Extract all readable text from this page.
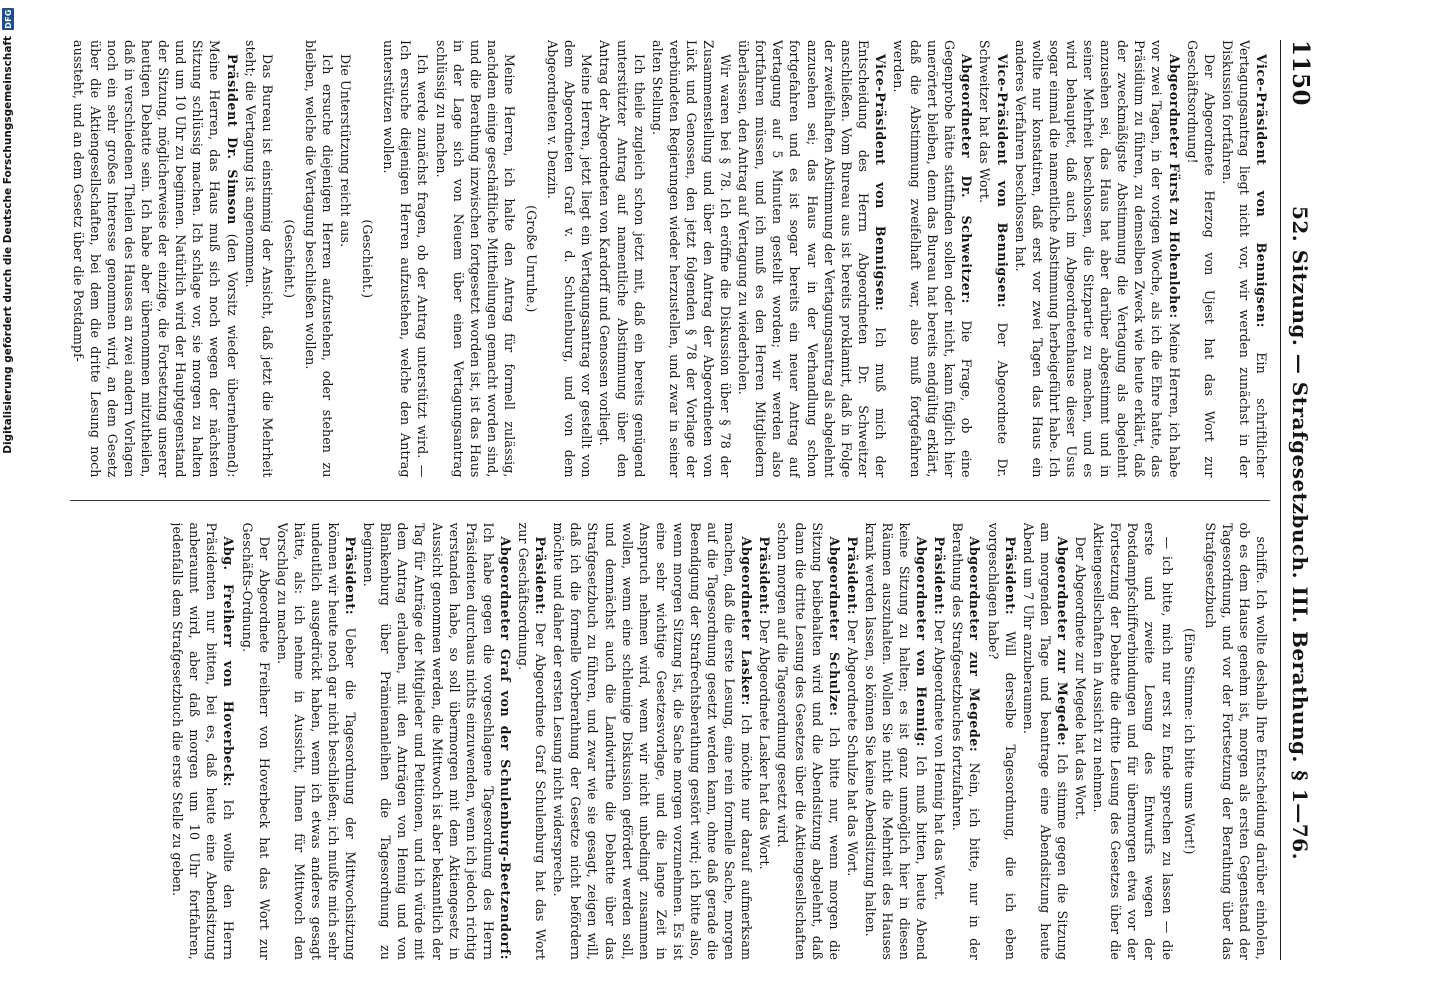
1150
52. Sitzung. — Strafgesetzbuch. III. Berathung. § 1—76.

Vice-Präsident von Bennigsen: Ein schriftlicher Vertagungsantrag liegt nicht vor, wir werden zunächst in der Diskussion fortfahren.

Der Abgeordnete Herzog von Ujest hat das Wort zur Geschäftsordnung!

Abgeordneter Fürst zu Hohenlohe: Meine Herren, ich habe vor zwei Tagen, in der vorigen Woche, als ich die Ehre hatte, das Präsidium zu führen, zu demselben Zweck wie heute erklärt, daß der zweckmäßigste Abstimmung die Vertagung als abgelehnt anzusehen sei, das Haus hat aber darüber abgestimmt und in seiner Mehrheit beschlossen, die Sitzpartie zu machen, und es wird behauptet, daß auch im Abgeordnetenhause dieser Usus sogar einmal die namentliche Abstimmung herbeigeführt habe. Ich wollte nur konstatiren, daß erst vor zwei Tagen das Haus ein anderes Verfahren beschlossen hat.

Vice-Präsident von Bennigsen: Der Abgeordnete Dr. Schweitzer hat das Wort.

Abgeordneter Dr. Schweitzer: Die Frage, ob eine Gegenprobe hätte stattfinden sollen oder nicht, kann füglich hier unerörtert bleiben, denn das Bureau hat bereits endgültig erklärt, daß die Abstimmung zweifelhaft war, also muß fortgefahren werden.

Vice-Präsident von Bennigsen: Ich muß mich der Entscheidung des Herrn Abgeordneten Dr. Schweitzer anschließen. Vom Bureau aus ist bereits proklamirt, daß in Folge der zweifelhaften Abstimmung der Vertagungsantrag als abgelehnt anzusehen sei; das Haus war in der Verhandlung schon fortgefahren und es ist sogar bereits ein neuer Antrag auf Vertagung auf 5 Minuten gestellt worden; wir werden also fortfahren müssen, und ich muß es den Herren Mitgliedern überlassen, den Antrag auf Vertagung zu wiederholen.

Wir waren bei § 78. Ich eröffne die Diskussion über § 78 der Zusammenstellung und über den Antrag der Abgeordneten von Lück und Genossen, den jetzt folgenden § 78 der Vorlage der verbündeten Regierungen wieder herzustellen, und zwar in seiner alten Stellung.

Ich theile zugleich schon jetzt mit, daß ein bereits genügend unterstützter Antrag auf namentliche Abstimmung über den Antrag der Abgeordneten von Kardorff und Genossen vorliegt.

Meine Herren, jetzt liegt ein Vertagungsantrag vor gestellt von dem Abgeordneten Graf v. d. Schulenburg, und von dem Abgeordneten v. Denzin.

(Große Unruhe.)

Meine Herren, ich halte den Antrag für formell zulässig, nachdem einige geschäftliche Mittheilungen gemacht worden sind, und die Berathung inzwischen fortgesetzt worden ist, ist das Haus in der Lage sich von Neuem über einen Vertagungsantrag schlüssig zu machen.

Ich werde zunächst fragen, ob der Antrag unterstützt wird. — Ich ersuche diejenigen Herren aufzustehen, welche den Antrag unterstützen wollen.

(Geschieht.)

Die Unterstützung reicht aus.

Ich ersuche diejenigen Herren aufzustehen, oder stehen zu bleiben, welche die Vertagung beschließen wollen.

(Geschieht.)

Das Bureau ist einstimmig der Ansicht, daß jetzt die Mehrheit steht; die Vertagung ist angenommen.

Präsident Dr. Simson (den Vorsitz wieder übernehmend): Meine Herren, das Haus muß sich noch wegen der nächsten Sitzung schlüssig machen. Ich schlage vor, sie morgen zu halten und um 10 Uhr zu beginnen. Natürlich wird der Hauptgegenstand der Sitzung, möglicherweise der einzige, die Fortsetzung unserer heutigen Debatte sein. Ich habe aber übernommen mitzutheilen, daß in verschiedenen Theilen des Hauses an zwei andern Vorlagen noch ein sehr großes Interesse genommen wird, an dem Gesetz über die Aktiengesellschaften, bei dem die dritte Lesung noch aussteht, und an dem Gesetz über die Postdampf-

schiffe. Ich wollte deshalb Ihre Entscheidung darüber einholen, ob es dem Hause genehm ist, morgen als ersten Gegenstand der Tagesordnung, und vor der Fortsetzung der Berathung über das Strafgesetzbuch

(Eine Stimme: ich bitte ums Wort!)

— ich bitte, mich nur erst zu Ende sprechen zu lassen — die erste und zweite Lesung des Entwurfs wegen der Postdampfschiffverbindungen und für übermorgen etwa vor der Fortsetzung der Debatte die dritte Lesung des Gesetzes über die Aktiengesellschaften in Aussicht zu nehmen.

Der Abgeordnete zur Megede hat das Wort.

Abgeordneter zur Megede: Ich stimme gegen die Sitzung am morgenden Tage und beantrage eine Abendsitzung heute Abend um 7 Uhr anzuberaumen.

Präsident: Will derselbe Tagesordnung, die ich eben vorgeschlagen habe?

Abgeordneter zur Megede: Nein, ich bitte, nur in der Berathung des Strafgesetzbuches fortzufahren.

Präsident: Der Abgeordnete von Hennig hat das Wort.

Abgeordneter von Hennig: Ich muß bitten, heute Abend keine Sitzung zu halten; es ist ganz unmöglich hier in diesen Räumen auszuhalten. Wollen Sie nicht die Mehrheit des Hauses krank werden lassen, so können Sie keine Abendsitzung halten.

Präsident: Der Abgeordnete Schulze hat das Wort.

Abgeordneter Schulze: Ich bitte nur, wenn morgen die Sitzung beibehalten wird und die Abendsitzung abgelehnt, daß dann die dritte Lesung des Gesetzes über die Aktiengesellschaften schon morgen auf die Tagesordnung gesetzt wird.

Präsident: Der Abgeordnete Lasker hat das Wort.

Abgeordneter Lasker: Ich möchte nur darauf aufmerksam machen, daß die erste Lesung, eine rein formelle Sache, morgen auf die Tagesordnung gesetzt werden kann, ohne daß gerade die Beendigung der Strafrechtsberathung gestört wird; ich bitte also, wenn morgen Sitzung ist, die Sache morgen vorzunehmen. Es ist eine sehr wichtige Gesetzesvorlage, und die lange Zeit in Anspruch nehmen wird, wenn wir nicht unbedingt zusammen wollen, wenn eine schleunige Diskussion gefördert werden soll, und demnächst auch die Landwirthe die Debatte über das Strafgesetzbuch zu führen, und zwar wie sie gesagt, zeigen will, daß ich die formelle Vorberathung der Gesetze nicht befördern möchte und daher der ersten Lesung nicht widerspreche.

Präsident: Der Abgeordnete Graf Schulenburg hat das Wort zur Geschäftsordnung.

Abgeordneter Graf von der Schulenburg-Beetzendorf: Ich habe gegen die vorgeschlagene Tagesordnung des Herrn Präsidenten durchaus nichts einzuwenden, wenn ich jedoch richtig verstanden habe, so soll übermorgen mit dem Aktiengesetz in Aussicht genommen werden, die Mittwoch ist aber bekanntlich der Tag für Anträge der Mitglieder und Petitionen, und ich würde mit dem Antrag erlauben, mit den Anträgen von Hennig und von Blankenburg über Prämienanleihen die Tagesordnung zu beginnen.

Präsident: Ueber die Tagesordnung der Mittwochsitzung können wir heute noch gar nicht beschließen; ich mußte mich sehr undeutlich ausgedrückt haben, wenn ich etwas anderes gesagt hätte, als: ich nehme in Aussicht, Ihnen für Mittwoch den Vorschlag zu machen.

Der Abgeordnete Freiherr von Hoverbeck hat das Wort zur Geschäfts-Ordnung.

Abg. Freiherr von Hoverbeck: Ich wollte den Herrn Präsidenten nur bitten, bei es, daß heute eine Abendsitzung anberaumt wird, aber daß morgen um 10 Uhr fortfahren, jedenfalls dem Strafgesetzbuch die erste Stelle zu geben.

Digitalisierung gefördert durch die Deutsche Forschungsgemeinschaft
DFG
